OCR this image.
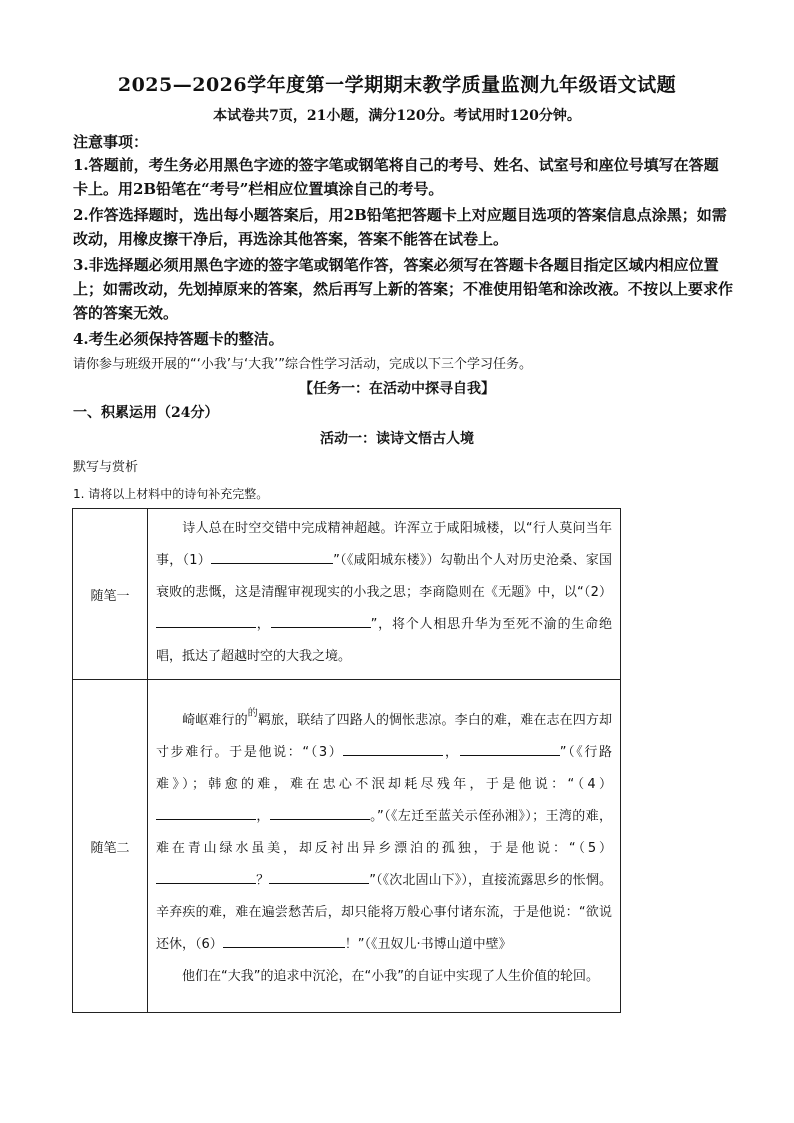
2025—2026学年度第一学期期末教学质量监测九年级语文试题
本试卷共7页，21小题，满分120分。考试用时120分钟。
注意事项：
1.答题前，考生务必用黑色字迹的签字笔或钢笔将自己的考号、姓名、试室号和座位号填写在答题卡上。用2B铅笔在“考号”栏相应位置填涂自己的考号。
2.作答选择题时，选出每小题答案后，用2B铅笔把答题卡上对应题目选项的答案信息点涂黑；如需改动，用橡皮擦干净后，再选涂其他答案，答案不能答在试卷上。
3.非选择题必须用黑色字迹的签字笔或钢笔作答，答案必须写在答题卡各题目指定区域内相应位置上；如需改动，先划掉原来的答案，然后再写上新的答案；不准使用铅笔和涂改液。不按以上要求作答的答案无效。
4.考生必须保持答题卡的整洁。
请你参与班级开展的“‘小我’与‘大我’”综合性学习活动，完成以下三个学习任务。
【任务一：在活动中探寻自我】
一、积累运用（24分）
活动一：读诗文悟古人境
默写与赏析
1. 请将以上材料中的诗句补充完整。
随笔一	诗人总在时空交错中完成精神超越。许浑立于咸阳城楼，以“行人莫问当年事，（1） ”（《咸阳城东楼》）勾勒出个人对历史沧桑、家国衰败的悲慨，这是清醒审视现实的小我之思；李商隐则在《无题》中，以“（2）， ”，将个人相思升华为至死不渝的生命绝唱，抵达了超越时空的大我之境。
随笔二	崎岖难行的$^的$羁旅，联结了四路人的惆怅悲凉。李白的难，难在志在四方却寸步难行。于是他说：“（3） ， ”（《行路难》）；韩愈的难，难在忠心不泯却耗尽残年，于是他说：“（4）， 。”（《左迁至蓝关示侄孙湘》）；王湾的难，难在青山绿水虽美，却反衬出异乡漂泊的孤独，于是他说：“（5）？ ”（《次北固山下》），直接流露思乡的怅惘。辛弃疾的难，难在遍尝愁苦后，却只能将万般心事付诸东流，于是他说：“欲说还休，（6） ！”（《丑奴儿·书博山道中壁》
他们在“大我”的追求中沉沦，在“小我”的自证中实现了人生价值的轮回。
